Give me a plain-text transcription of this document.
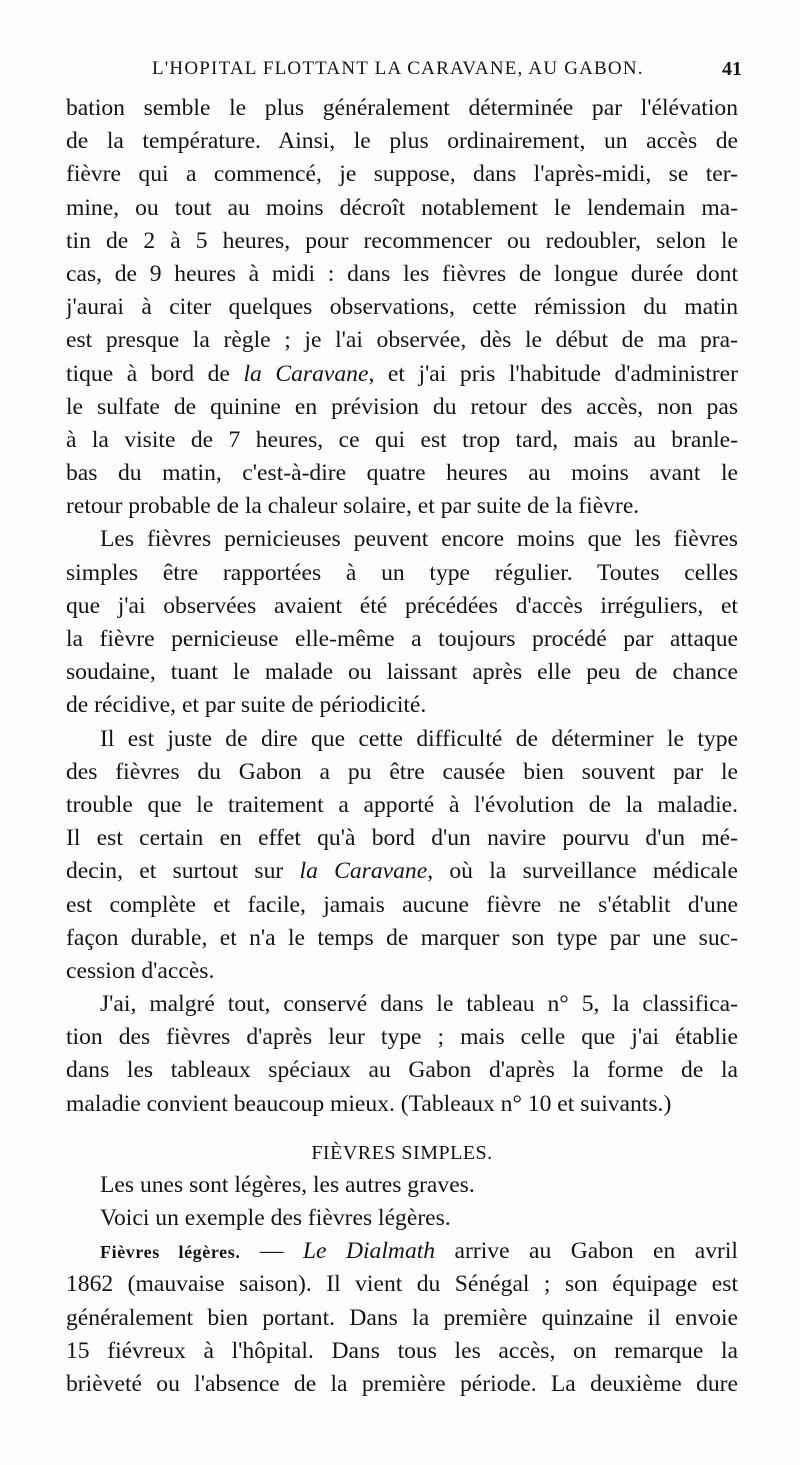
L'HOPITAL FLOTTANT LA CARAVANE, AU GABON.	41
bation semble le plus généralement déterminée par l'élévation
de la température. Ainsi, le plus ordinairement, un accès de
fièvre qui a commencé, je suppose, dans l'après-midi, se ter-
mine, ou tout au moins décroît notablement le lendemain ma-
tin de 2 à 5 heures, pour recommencer ou redoubler, selon le
cas, de 9 heures à midi : dans les fièvres de longue durée dont
j'aurai à citer quelques observations, cette rémission du matin
est presque la règle ; je l'ai observée, dès le début de ma pra-
tique à bord de la Caravane, et j'ai pris l'habitude d'administrer
le sulfate de quinine en prévision du retour des accès, non pas
à la visite de 7 heures, ce qui est trop tard, mais au branle-
bas du matin, c'est-à-dire quatre heures au moins avant le
retour probable de la chaleur solaire, et par suite de la fièvre.
Les fièvres pernicieuses peuvent encore moins que les fièvres
simples être rapportées à un type régulier. Toutes celles
que j'ai observées avaient été précédées d'accès irréguliers, et
la fièvre pernicieuse elle-même a toujours procédé par attaque
soudaine, tuant le malade ou laissant après elle peu de chance
de récidive, et par suite de périodicité.
Il est juste de dire que cette difficulté de déterminer le type
des fièvres du Gabon a pu être causée bien souvent par le
trouble que le traitement a apporté à l'évolution de la maladie.
Il est certain en effet qu'à bord d'un navire pourvu d'un mé-
decin, et surtout sur la Caravane, où la surveillance médicale
est complète et facile, jamais aucune fièvre ne s'établit d'une
façon durable, et n'a le temps de marquer son type par une suc-
cession d'accès.
J'ai, malgré tout, conservé dans le tableau n° 5, la classifica-
tion des fièvres d'après leur type ; mais celle que j'ai établie
dans les tableaux spéciaux au Gabon d'après la forme de la
maladie convient beaucoup mieux. (Tableaux n° 10 et suivants.)
FIÈVRES SIMPLES.
Les unes sont légères, les autres graves.
Voici un exemple des fièvres légères.
Fièvres légères. — Le Dialmath arrive au Gabon en avril
1862 (mauvaise saison). Il vient du Sénégal ; son équipage est
généralement bien portant. Dans la première quinzaine il envoie
15 fiévreux à l'hôpital. Dans tous les accès, on remarque la
brièveté ou l'absence de la première période. La deuxième dure
